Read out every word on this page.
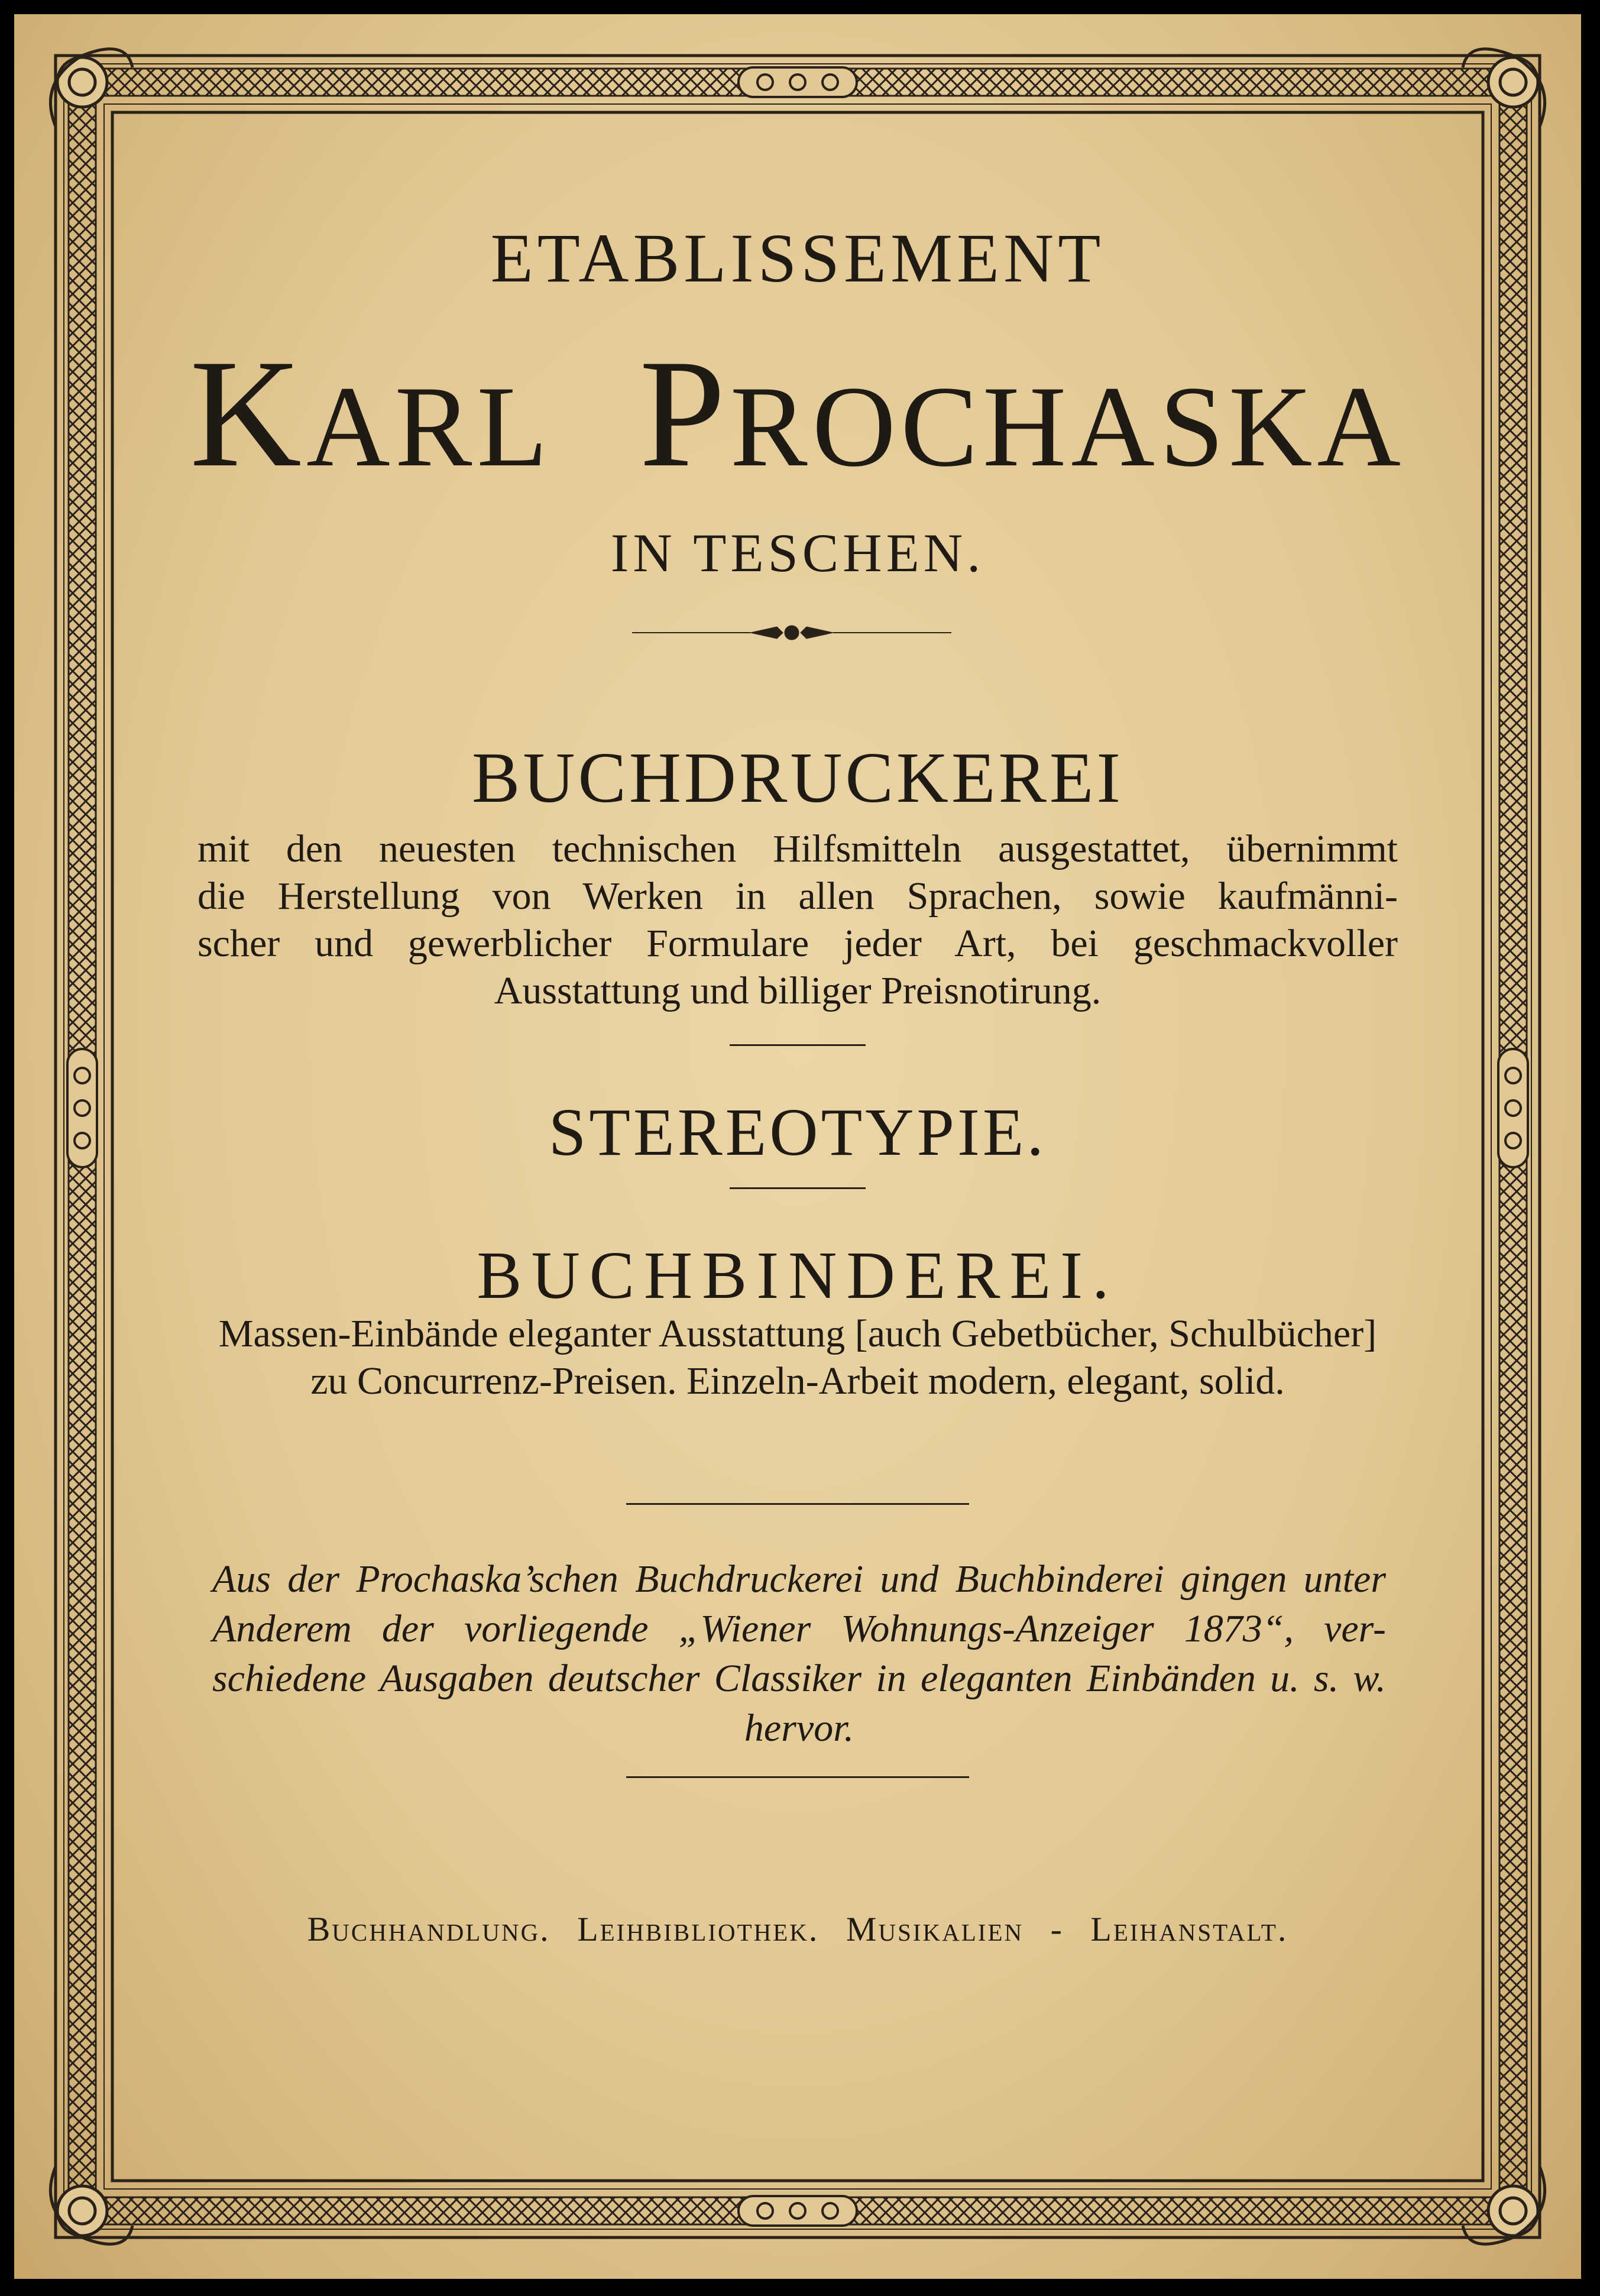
ETABLISSEMENT
KARL PROCHASKA
IN TESCHEN.
BUCHDRUCKEREI
mit den neuesten technischen Hilfsmitteln ausgestattet, übernimmt
die Herstellung von Werken in allen Sprachen, sowie kaufmänni-
scher und gewerblicher Formulare jeder Art, bei geschmackvoller
Ausstattung und billiger Preisnotirung.
STEREOTYPIE.
BUCHBINDEREI.
Massen-Einbände eleganter Ausstattung [auch Gebetbücher, Schulbücher]
zu Concurrenz-Preisen. Einzeln-Arbeit modern, elegant, solid.
Aus der Prochaska’schen Buchdruckerei und Buchbinderei gingen unter
Anderem der vorliegende „Wiener Wohnungs-Anzeiger 1873“, ver-
schiedene Ausgaben deutscher Classiker in eleganten Einbänden u. s. w.
hervor.
Buchhandlung. Leihbibliothek. Musikalien - Leihanstalt.
